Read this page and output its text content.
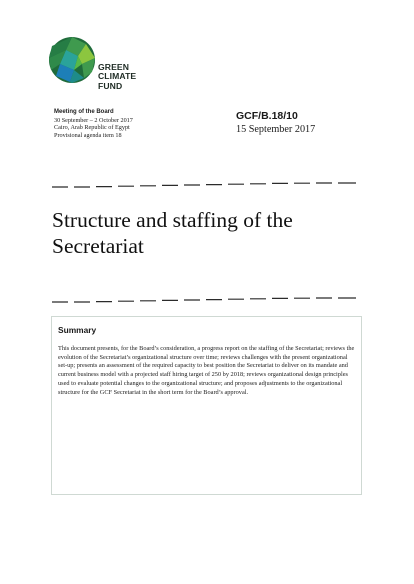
GREEN
CLIMATE
FUND
Meeting of the Board
30 September – 2 October 2017
Cairo, Arab Republic of Egypt
Provisional agenda item 18
GCF/B.18/10
15 September 2017
Structure and staffing of the Secretariat
Summary
This document presents, for the Board’s consideration, a progress report on the staffing of the Secretariat; reviews the evolution of the Secretariat’s organizational structure over time; reviews challenges with the present organizational set-up; presents an assessment of the required capacity to best position the Secretariat to deliver on its mandate and current business model with a projected staff hiring target of 250 by 2018; reviews organizational design principles used to evaluate potential changes to the organizational structure; and proposes adjustments to the organizational structure for the GCF Secretariat in the short term for the Board’s approval.
